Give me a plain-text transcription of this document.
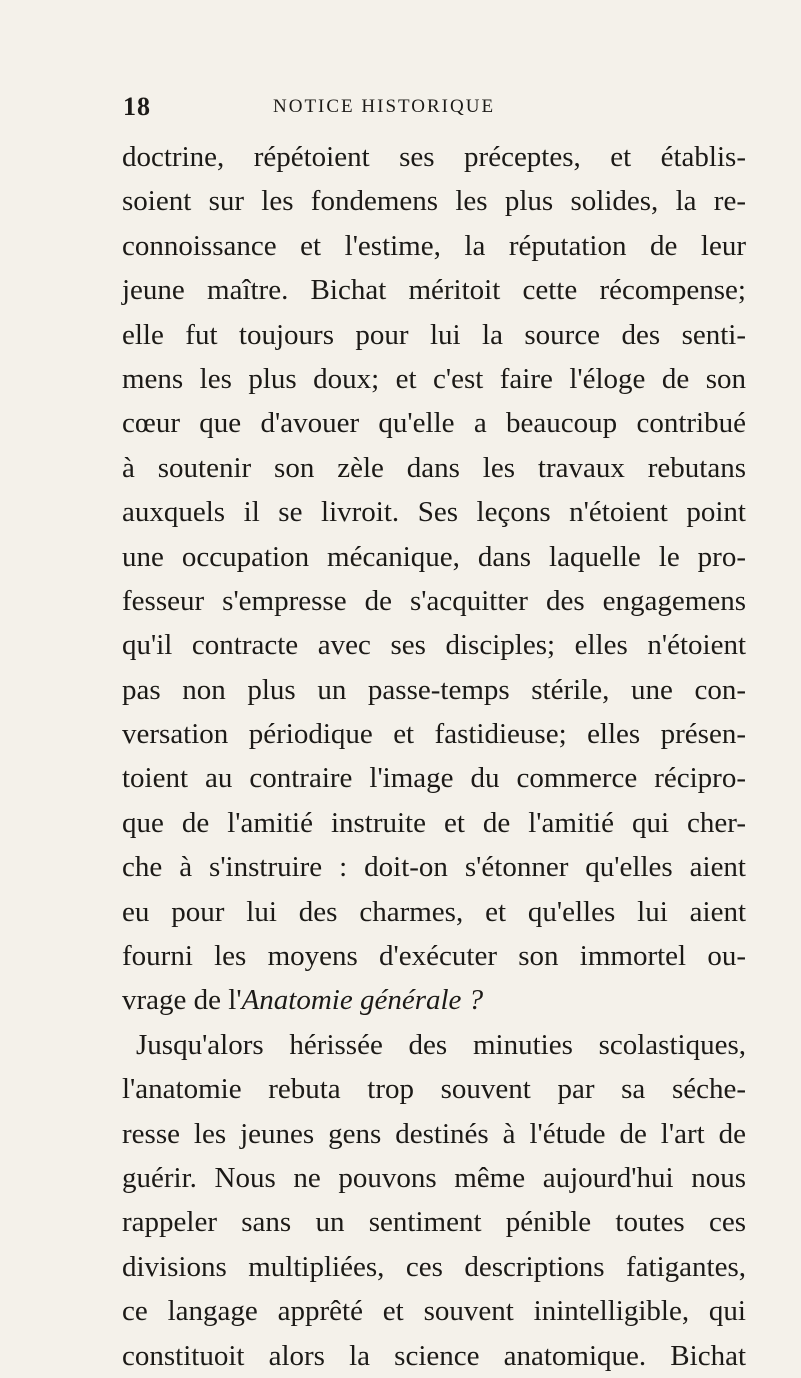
18	NOTICE HISTORIQUE
doctrine, répétoient ses préceptes, et établis-
soient sur les fondemens les plus solides, la re-
connoissance et l'estime, la réputation de leur
jeune maître. Bichat méritoit cette récompense;
elle fut toujours pour lui la source des senti-
mens les plus doux; et c'est faire l'éloge de son
cœur que d'avouer qu'elle a beaucoup contribué
à soutenir son zèle dans les travaux rebutans
auxquels il se livroit. Ses leçons n'étoient point
une occupation mécanique, dans laquelle le pro-
fesseur s'empresse de s'acquitter des engagemens
qu'il contracte avec ses disciples; elles n'étoient
pas non plus un passe-temps stérile, une con-
versation périodique et fastidieuse; elles présen-
toient au contraire l'image du commerce récipro-
que de l'amitié instruite et de l'amitié qui cher-
che à s'instruire : doit-on s'étonner qu'elles aient
eu pour lui des charmes, et qu'elles lui aient
fourni les moyens d'exécuter son immortel ou-
vrage de l'Anatomie générale ?
Jusqu'alors hérissée des minuties scolastiques,
l'anatomie rebuta trop souvent par sa séche-
resse les jeunes gens destinés à l'étude de l'art de
guérir. Nous ne pouvons même aujourd'hui nous
rappeler sans un sentiment pénible toutes ces
divisions multipliées, ces descriptions fatigantes,
ce langage apprêté et souvent inintelligible, qui
constituoit alors la science anatomique. Bichat
